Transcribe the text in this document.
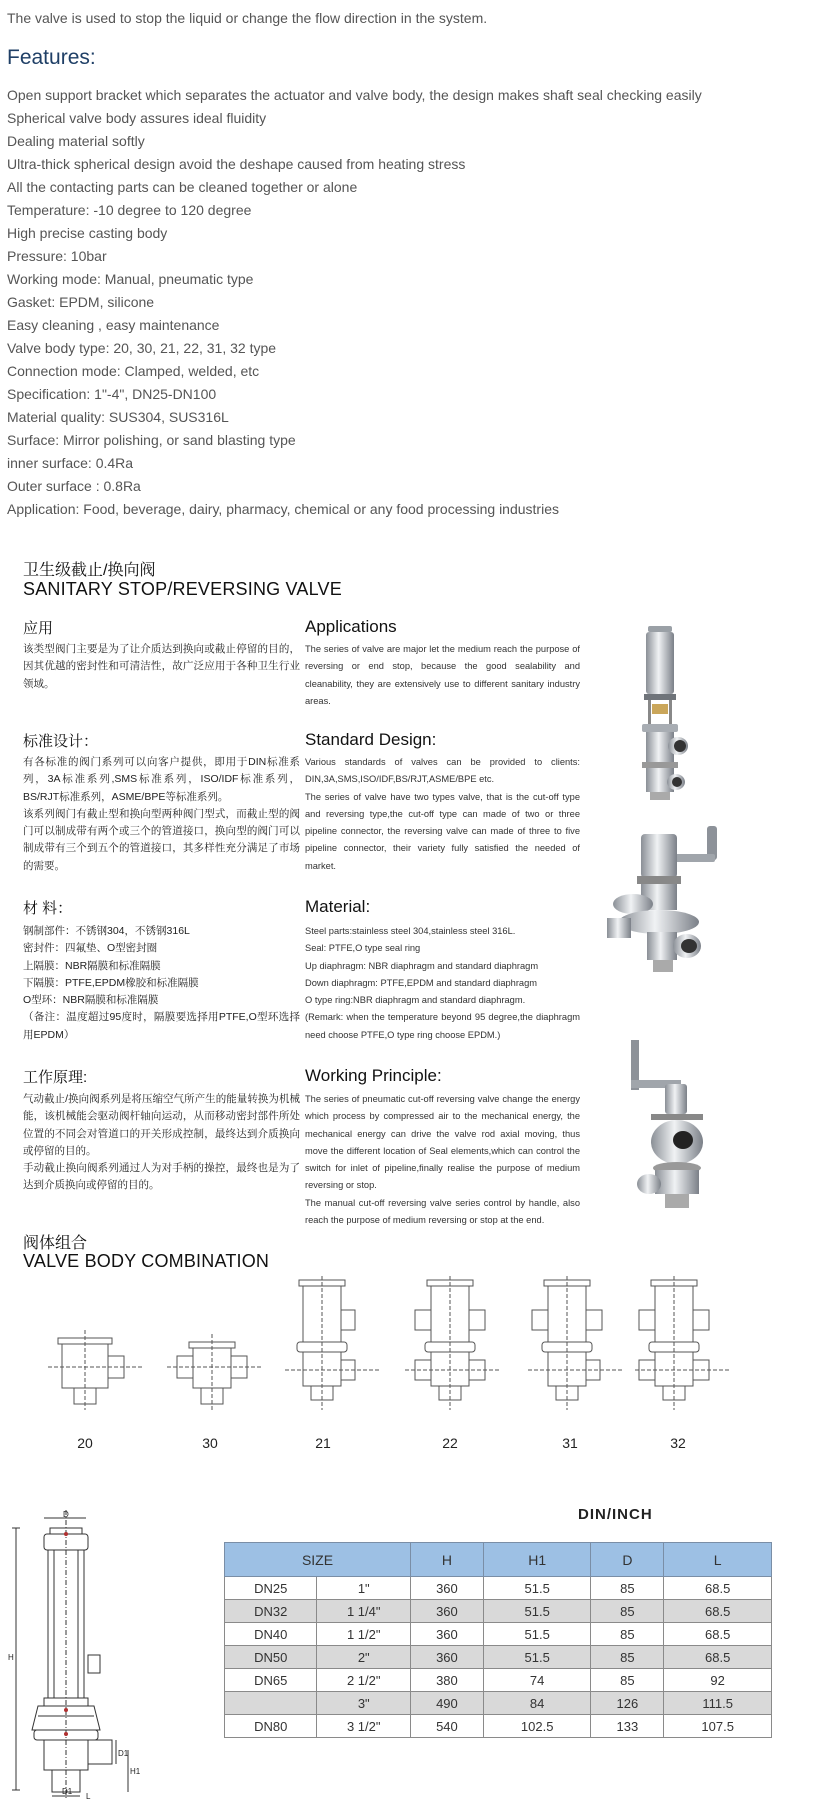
The valve is used to stop the liquid or change the flow direction in the system.
Features:
Open support bracket which separates the actuator and valve body, the design makes shaft seal checking easily
Spherical valve body assures ideal fluidity
Dealing material softly
Ultra-thick spherical design avoid the deshape caused from heating stress
All the contacting parts can be cleaned together or alone
Temperature: -10 degree to 120 degree
High precise casting body
Pressure: 10bar
Working mode: Manual, pneumatic type
Gasket: EPDM, silicone
Easy cleaning , easy maintenance
Valve body type: 20, 30, 21, 22, 31, 32 type
Connection mode: Clamped, welded, etc
Specification: 1"-4", DN25-DN100
Material quality: SUS304, SUS316L
Surface: Mirror polishing, or sand blasting type
inner surface: 0.4Ra
Outer surface : 0.8Ra
Application: Food, beverage, dairy, pharmacy, chemical or any food processing industries
卫生级截止/换向阀
SANITARY STOP/REVERSING VALVE
应用	Applications
该类型阀门主要是为了让介质达到换向或截止停留的目的，因其优越的密封性和可清洁性，故广泛应用于各种卫生行业领域。
The series of valve are major let the medium reach the purpose of reversing or end stop, because the good sealability and cleanability, they are extensively use to different sanitary industry areas.
标准设计：	Standard Design:
有各标准的阀门系列可以向客户提供，即用于DIN标准系列，3A标准系列,SMS标准系列，ISO/IDF标准系列，BS/RJT标准系列，ASME/BPE等标准系列。
该系列阀门有截止型和换向型两种阀门型式，而截止型的阀门可以制成带有两个或三个的管道接口，换向型的阀门可以制成带有三个到五个的管道接口，其多样性充分满足了市场的需要。
Various standards of valves can be provided to clients: DIN,3A,SMS,ISO/IDF,BS/RJT,ASME/BPE etc.
The series of valve have two types valve, that is the cut-off type and reversing type,the cut-off type can made of two or three pipeline connector, the reversing valve can made of three to five pipeline connector, their variety fully satisfied the needed of market.
材 料：	Material:
钢制部件：不锈钢304，不锈钢316L
密封件：四氟垫、O型密封圈
上隔膜：NBR隔膜和标准隔膜
下隔膜：PTFE,EPDM橡胶和标准隔膜
O型环：NBR隔膜和标准隔膜
（备注：温度超过95度时，隔膜要选择用PTFE,O型环选择用EPDM）
Steel parts:stainless steel 304,stainless steel 316L.
Seal: PTFE,O type seal ring
Up diaphragm: NBR diaphragm and standard diaphragm
Down diaphragm: PTFE,EPDM and standard diaphragm
O type ring:NBR diaphragm and standard diaphragm.
(Remark: when the temperature beyond 95 degree,the diaphragm need choose PTFE,O type ring choose EPDM.)
工作原理:	Working Principle:
气动截止/换向阀系列是将压缩空气所产生的能量转换为机械能，该机械能会驱动阀杆轴向运动，从而移动密封部件所处位置的不同会对管道口的开关形成控制，最终达到介质换向或停留的目的。
手动截止换向阀系列通过人为对手柄的操控，最终也是为了达到介质换向或停留的目的。
The series of pneumatic cut-off reversing valve change the energy which process by compressed air to the mechanical energy, the mechanical energy can drive the valve rod axial moving, thus move the different location of Seal elements,which can control the switch for inlet of pipeline,finally realise the purpose of medium reversing or stop.
The manual cut-off reversing valve series control by handle, also reach the purpose of medium reversing or stop at the end.
阀体组合
VALVE BODY COMBINATION
20	30	21	22	31	32
D
H
D1
H1
D1
L
DIN/INCH
SIZE		H	H1	D	L
DN25	1"	360	51.5	85	68.5
DN32	1 1/4"	360	51.5	85	68.5
DN40	1 1/2"	360	51.5	85	68.5
DN50	2"	360	51.5	85	68.5
DN65	2 1/2"	380	74	85	92
	3"	490	84	126	111.5
DN80	3 1/2"	540	102.5	133	107.5
